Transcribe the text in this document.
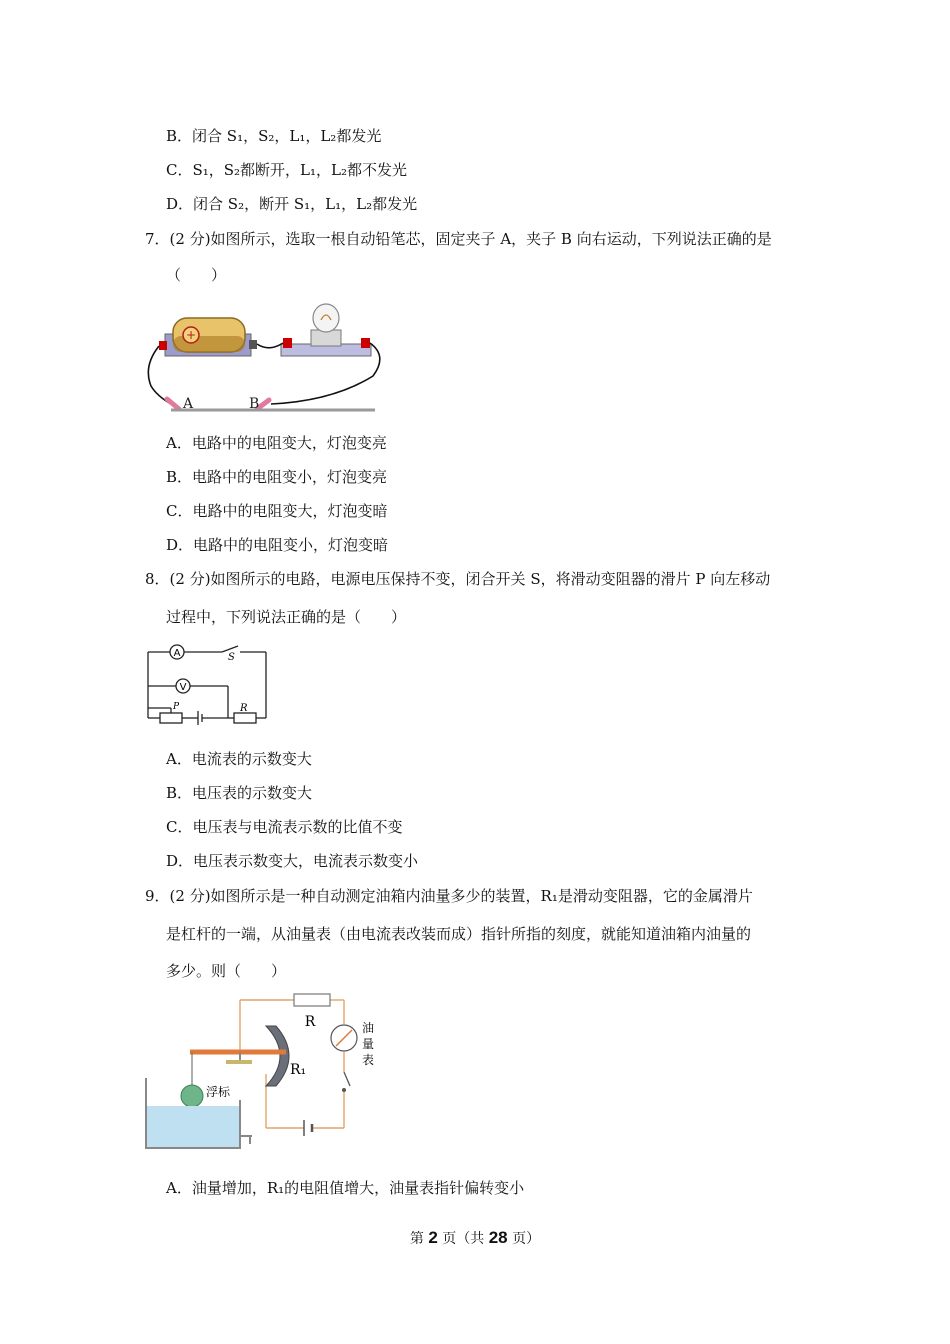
B．闭合 S₁，S₂，L₁，L₂都发光
C．S₁，S₂都断开，L₁，L₂都不发光
D．闭合 S₂，断开 S₁，L₁，L₂都发光
7．(2 分)如图所示，选取一根自动铅笔芯，固定夹子 A，夹子 B 向右运动，下列说法正确的是
（　　）
+
A	B
A．电路中的电阻变大，灯泡变亮
B．电路中的电阻变小，灯泡变亮
C．电路中的电阻变大，灯泡变暗
D．电路中的电阻变小，灯泡变暗
8．(2 分)如图所示的电路，电源电压保持不变，闭合开关 S，将滑动变阻器的滑片 P 向左移动
过程中，下列说法正确的是（　　）
A
V
S
P	R
A．电流表的示数变大
B．电压表的示数变大
C．电压表与电流表示数的比值不变
D．电压表示数变大，电流表示数变小
9．(2 分)如图所示是一种自动测定油箱内油量多少的装置，R₁是滑动变阻器，它的金属滑片
是杠杆的一端，从油量表（由电流表改装而成）指针所指的刻度，就能知道油箱内油量的
多少。则（　　）
R	油
量
表
R₁
浮标
A．油量增加，R₁的电阻值增大，油量表指针偏转变小
第 2 页（共 28 页）
